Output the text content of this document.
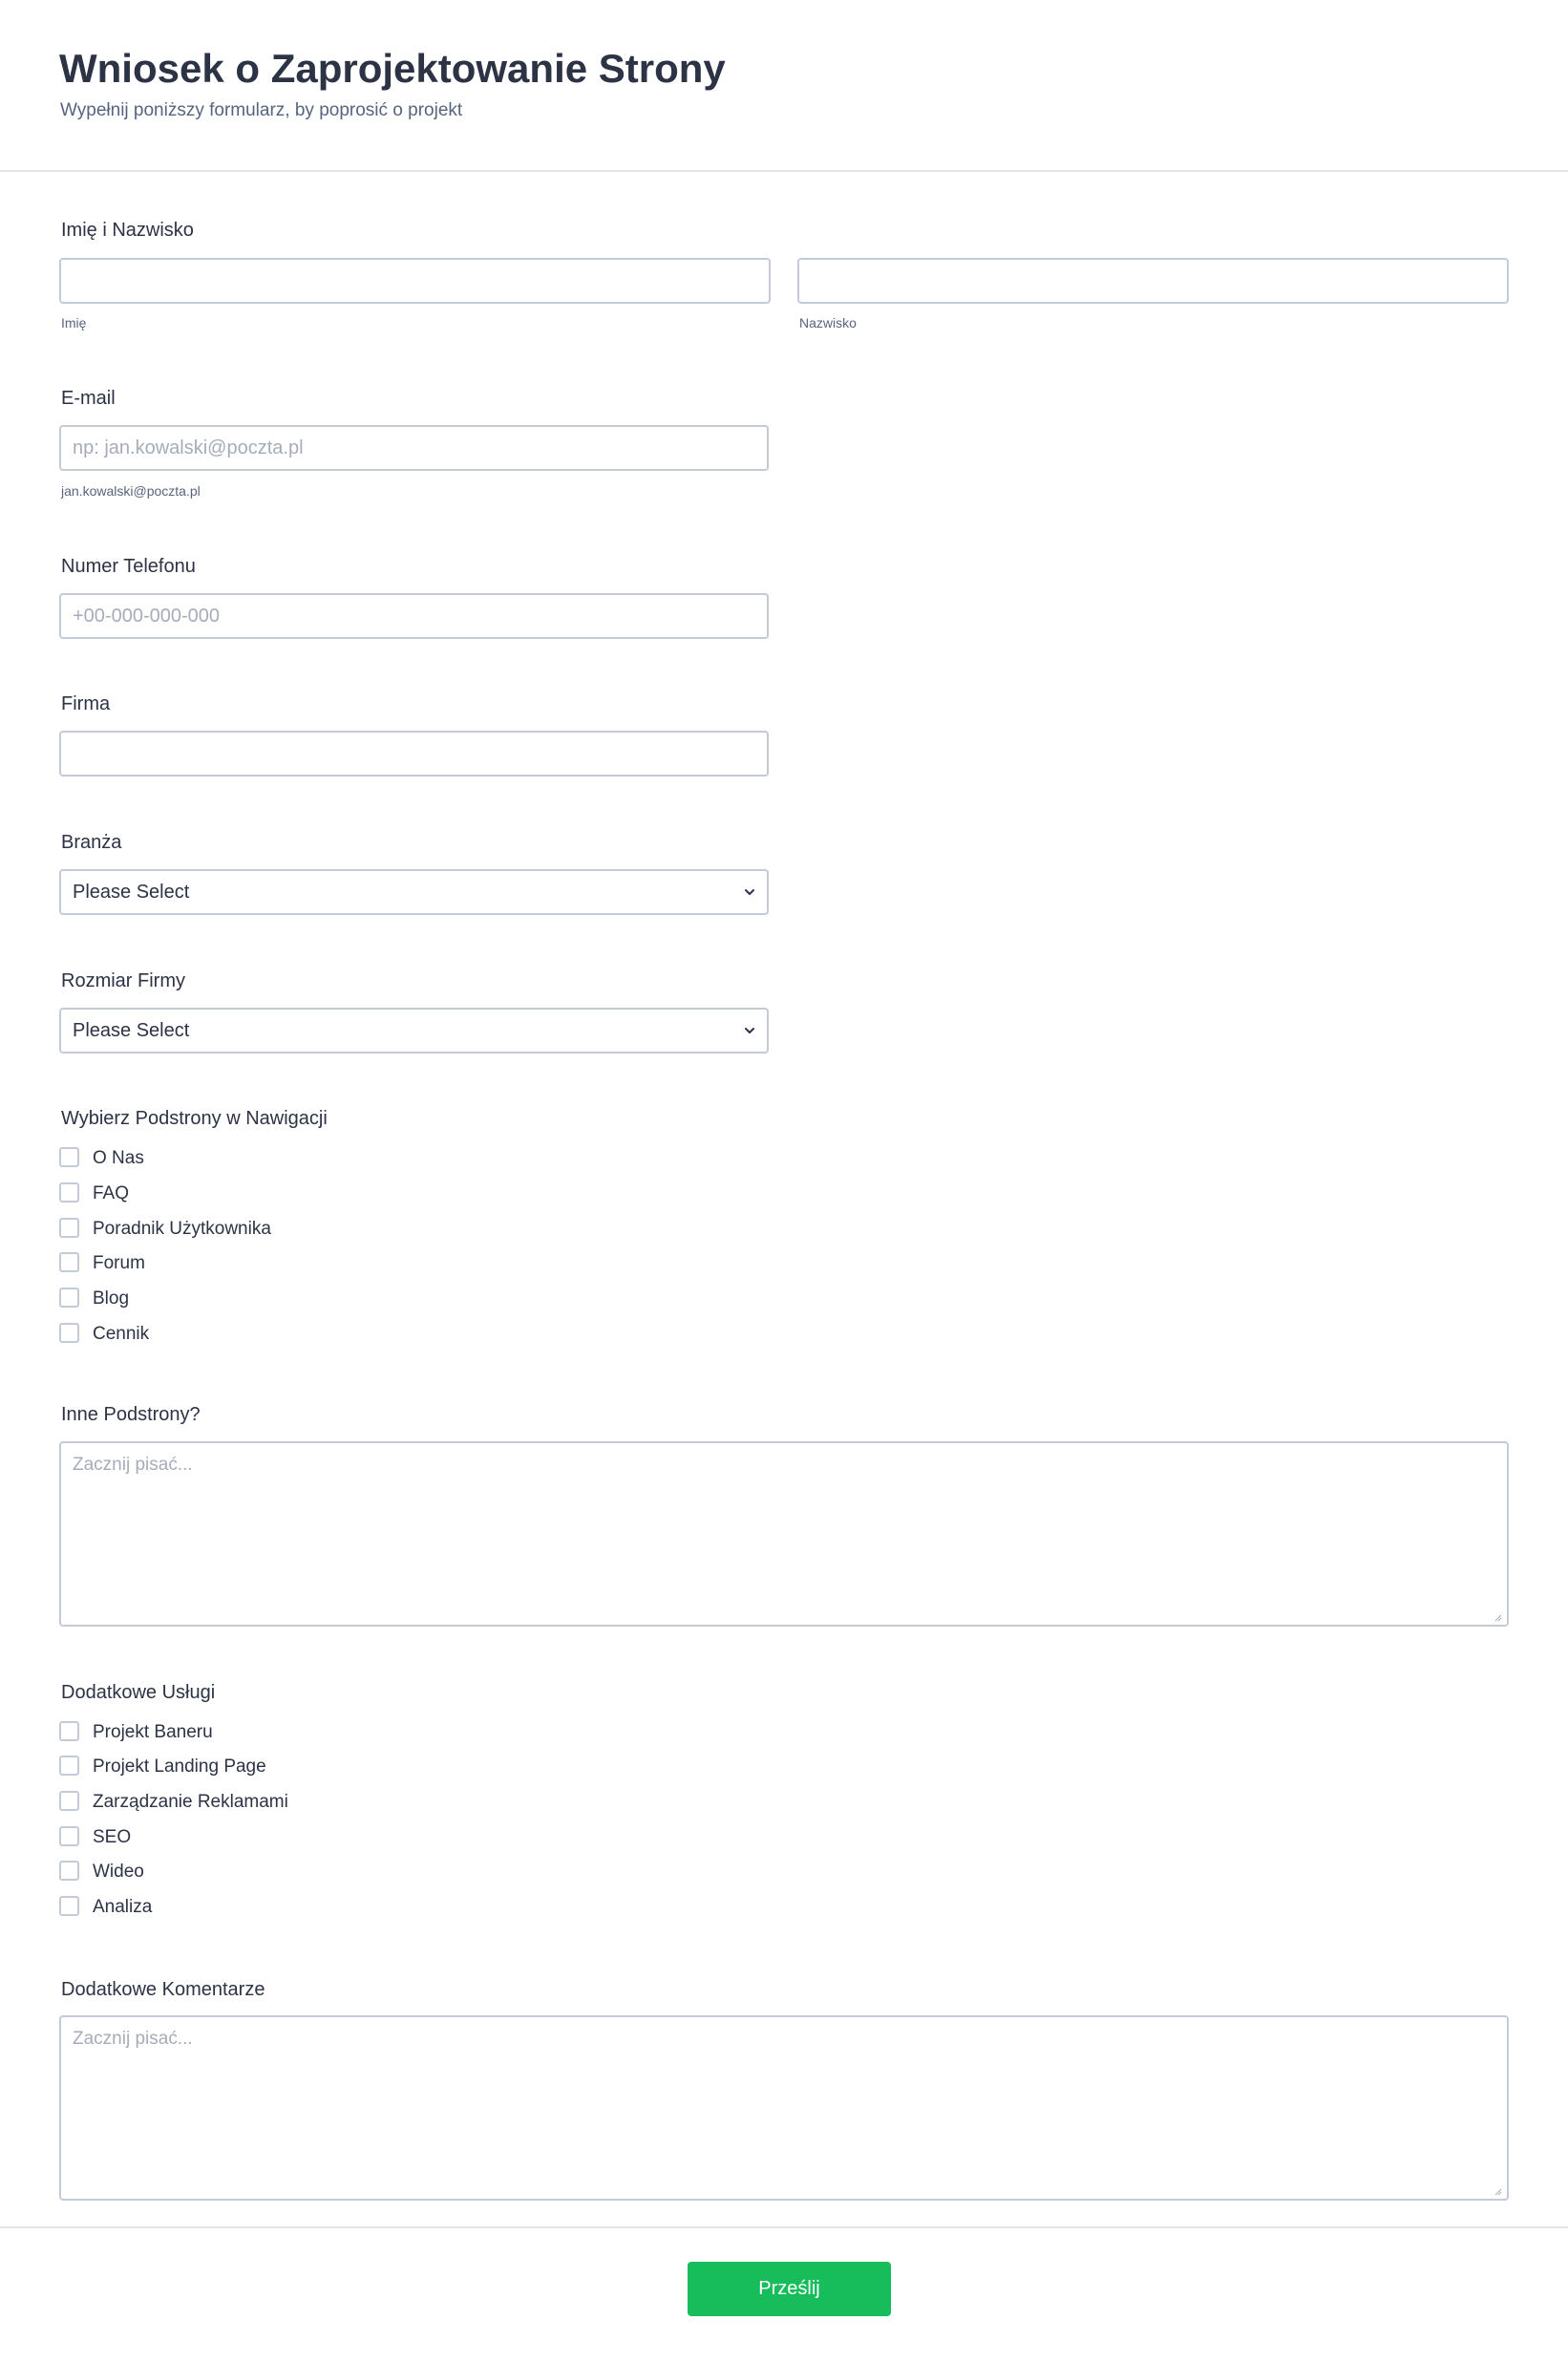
Wniosek o Zaprojektowanie Strony
Wypełnij poniższy formularz, by poprosić o projekt
Imię i Nazwisko
Imię	Nazwisko
E-mail
np: jan.kowalski@poczta.pl
jan.kowalski@poczta.pl
Numer Telefonu
+00-000-000-000
Firma
Branża
Please Select
Rozmiar Firmy
Please Select
Wybierz Podstrony w Nawigacji
O Nas
FAQ
Poradnik Użytkownika
Forum
Blog
Cennik
Inne Podstrony?
Zacznij pisać...
Dodatkowe Usługi
Projekt Baneru
Projekt Landing Page
Zarządzanie Reklamami
SEO
Wideo
Analiza
Dodatkowe Komentarze
Zacznij pisać...
Prześlij
